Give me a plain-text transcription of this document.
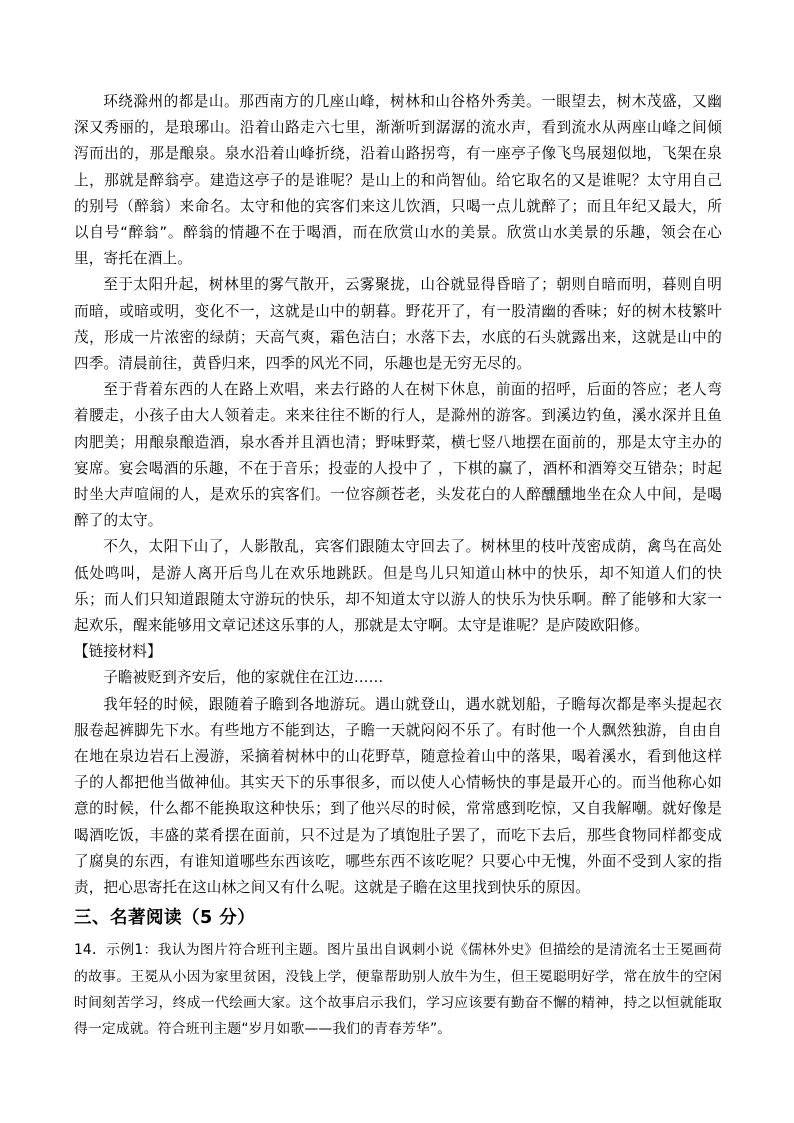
环绕滁州的都是山。那西南方的几座山峰，树林和山谷格外秀美。一眼望去，树木茂盛，又幽深又秀丽的，是琅琊山。沿着山路走六七里，渐渐听到潺潺的流水声，看到流水从两座山峰之间倾泻而出的，那是酿泉。泉水沿着山峰折绕，沿着山路拐弯，有一座亭子像飞鸟展翅似地，飞架在泉上，那就是醉翁亭。建造这亭子的是谁呢？是山上的和尚智仙。给它取名的又是谁呢？太守用自己的别号（醉翁）来命名。太守和他的宾客们来这儿饮酒，只喝一点儿就醉了；而且年纪又最大，所以自号“醉翁”。醉翁的情趣不在于喝酒，而在欣赏山水的美景。欣赏山水美景的乐趣，领会在心里，寄托在酒上。

至于太阳升起，树林里的雾气散开，云雾聚拢，山谷就显得昏暗了；朝则自暗而明，暮则自明而暗，或暗或明，变化不一，这就是山中的朝暮。野花开了，有一股清幽的香味；好的树木枝繁叶茂，形成一片浓密的绿荫；天高气爽，霜色洁白；水落下去，水底的石头就露出来，这就是山中的四季。清晨前往，黄昏归来，四季的风光不同，乐趣也是无穷无尽的。

至于背着东西的人在路上欢唱，来去行路的人在树下休息，前面的招呼，后面的答应；老人弯着腰走，小孩子由大人领着走。来来往往不断的行人，是滁州的游客。到溪边钓鱼，溪水深并且鱼肉肥美；用酿泉酿造酒，泉水香并且酒也清；野味野菜，横七竖八地摆在面前的，那是太守主办的宴席。宴会喝酒的乐趣，不在于音乐；投壶的人投中了 ，下棋的赢了，酒杯和酒筹交互错杂；时起时坐大声喧闹的人，是欢乐的宾客们。一位容颜苍老，头发花白的人醉醺醺地坐在众人中间，是喝醉了的太守。

不久，太阳下山了，人影散乱，宾客们跟随太守回去了。树林里的枝叶茂密成荫，禽鸟在高处低处鸣叫，是游人离开后鸟儿在欢乐地跳跃。但是鸟儿只知道山林中的快乐，却不知道人们的快乐；而人们只知道跟随太守游玩的快乐，却不知道太守以游人的快乐为快乐啊。醉了能够和大家一起欢乐，醒来能够用文章记述这乐事的人，那就是太守啊。太守是谁呢？是庐陵欧阳修。

【链接材料】

子瞻被贬到齐安后，他的家就住在江边……

我年轻的时候，跟随着子瞻到各地游玩。遇山就登山，遇水就划船，子瞻每次都是率头提起衣服卷起裤脚先下水。有些地方不能到达，子瞻一天就闷闷不乐了。有时他一个人飘然独游，自由自在地在泉边岩石上漫游，采摘着树林中的山花野草，随意捡着山中的落果，喝着溪水，看到他这样子的人都把他当做神仙。其实天下的乐事很多，而以使人心情畅快的事是最开心的。而当他称心如意的时候，什么都不能换取这种快乐；到了他兴尽的时候，常常感到吃惊，又自我解嘲。就好像是喝酒吃饭，丰盛的菜肴摆在面前，只不过是为了填饱肚子罢了，而吃下去后，那些食物同样都变成了腐臭的东西，有谁知道哪些东西该吃，哪些东西不该吃呢？只要心中无愧，外面不受到人家的指责，把心思寄托在这山林之间又有什么呢。这就是子瞻在这里找到快乐的原因。

三、名著阅读（5 分）

14．示例1：我认为图片符合班刊主题。图片虽出自讽刺小说《儒林外史》但描绘的是清流名士王冕画荷的故事。王冕从小因为家里贫困，没钱上学，便靠帮助别人放牛为生，但王冕聪明好学，常在放牛的空闲时间刻苦学习，终成一代绘画大家。这个故事启示我们，学习应该要有勤奋不懈的精神，持之以恒就能取得一定成就。符合班刊主题“岁月如歌——我们的青春芳华”。
